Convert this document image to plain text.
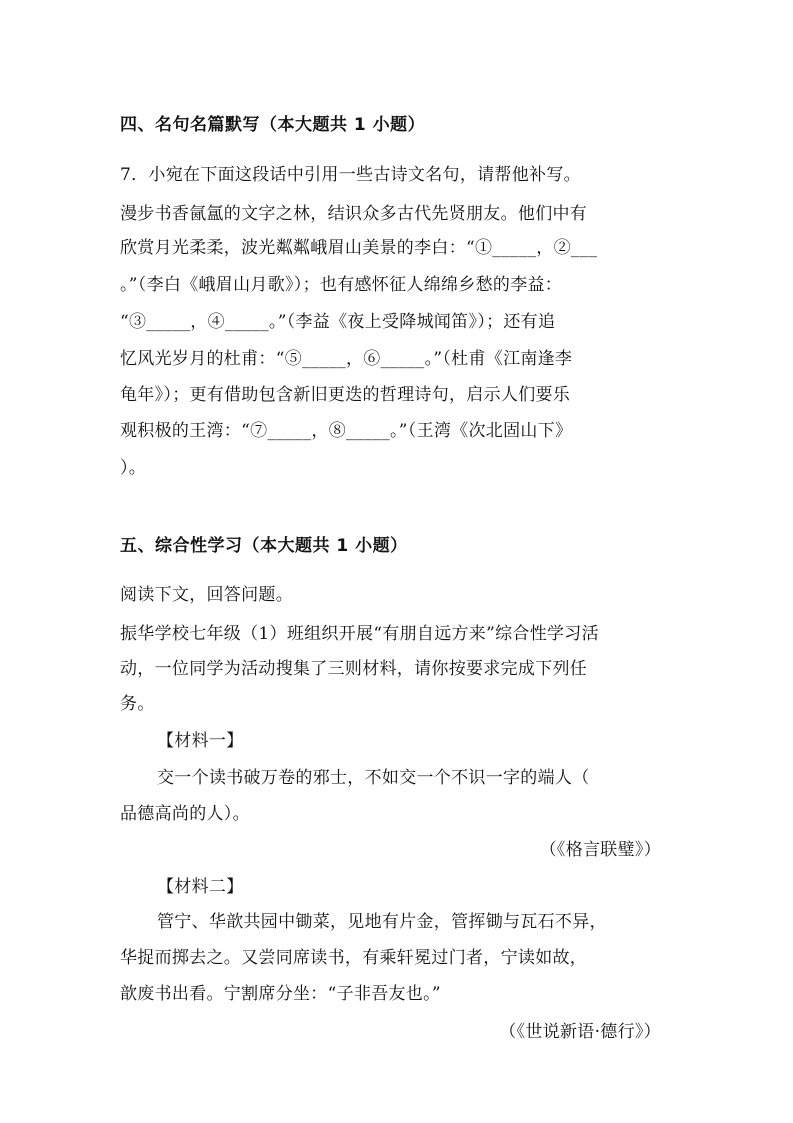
四、名句名篇默写（本大题共 1 小题）
7．小宛在下面这段话中引用一些古诗文名句，请帮他补写。
漫步书香氤氲的文字之林，结识众多古代先贤朋友。他们中有
欣赏月光柔柔，波光粼粼峨眉山美景的李白：“①_____，②___
。”（李白《峨眉山月歌》）；也有感怀征人绵绵乡愁的李益：
“③_____，④_____。”（李益《夜上受降城闻笛》）；还有追
忆风光岁月的杜甫：“⑤_____，⑥_____。”（杜甫《江南逢李
龟年》）；更有借助包含新旧更迭的哲理诗句，启示人们要乐
观积极的王湾：“⑦_____，⑧_____。”（王湾《次北固山下》
）。
五、综合性学习（本大题共 1 小题）
阅读下文，回答问题。
振华学校七年级（1）班组织开展“有朋自远方来”综合性学习活
动，一位同学为活动搜集了三则材料，请你按要求完成下列任
务。
【材料一】
交一个读书破万卷的邪士，不如交一个不识一字的端人（
品德高尚的人）。
（《格言联璧》）
【材料二】
管宁、华歆共园中锄菜，见地有片金，管挥锄与瓦石不异，
华捉而掷去之。又尝同席读书，有乘轩冕过门者，宁读如故，
歆废书出看。宁割席分坐：“子非吾友也。”
（《世说新语·德行》）
